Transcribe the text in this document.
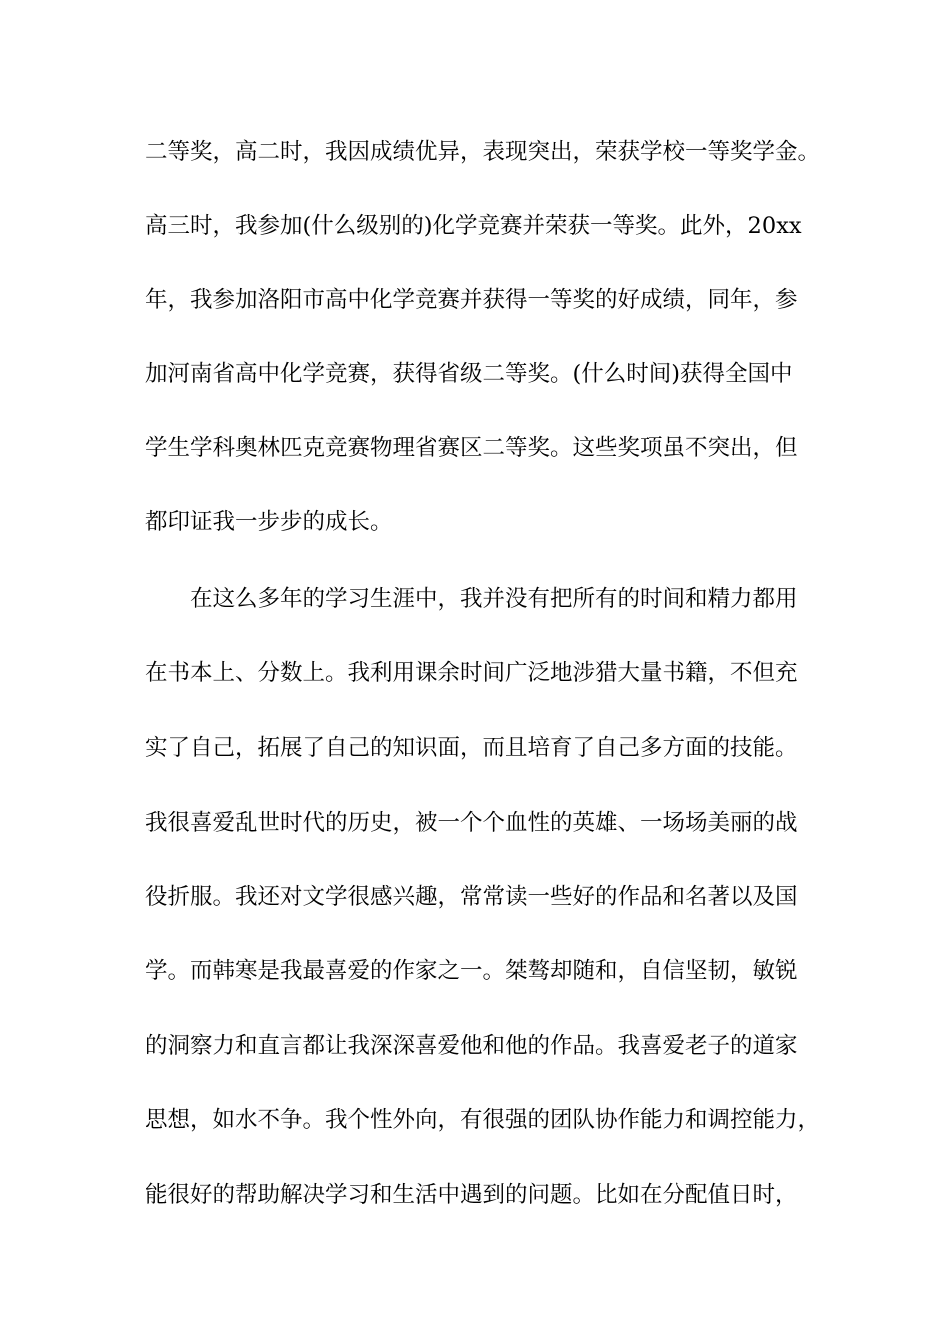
二等奖，高二时，我因成绩优异，表现突出，荣获学校一等奖学金。
高三时，我参加(什么级别的)化学竞赛并荣获一等奖。此外，20xx
年，我参加洛阳市高中化学竞赛并获得一等奖的好成绩，同年，参
加河南省高中化学竞赛，获得省级二等奖。(什么时间)获得全国中
学生学科奥林匹克竞赛物理省赛区二等奖。这些奖项虽不突出，但
都印证我一步步的成长。
在这么多年的学习生涯中，我并没有把所有的时间和精力都用
在书本上、分数上。我利用课余时间广泛地涉猎大量书籍，不但充
实了自己，拓展了自己的知识面，而且培育了自己多方面的技能。
我很喜爱乱世时代的历史，被一个个血性的英雄、一场场美丽的战
役折服。我还对文学很感兴趣，常常读一些好的作品和名著以及国
学。而韩寒是我最喜爱的作家之一。桀骜却随和，自信坚韧，敏锐
的洞察力和直言都让我深深喜爱他和他的作品。我喜爱老子的道家
思想，如水不争。我个性外向，有很强的团队协作能力和调控能力，
能很好的帮助解决学习和生活中遇到的问题。比如在分配值日时，
